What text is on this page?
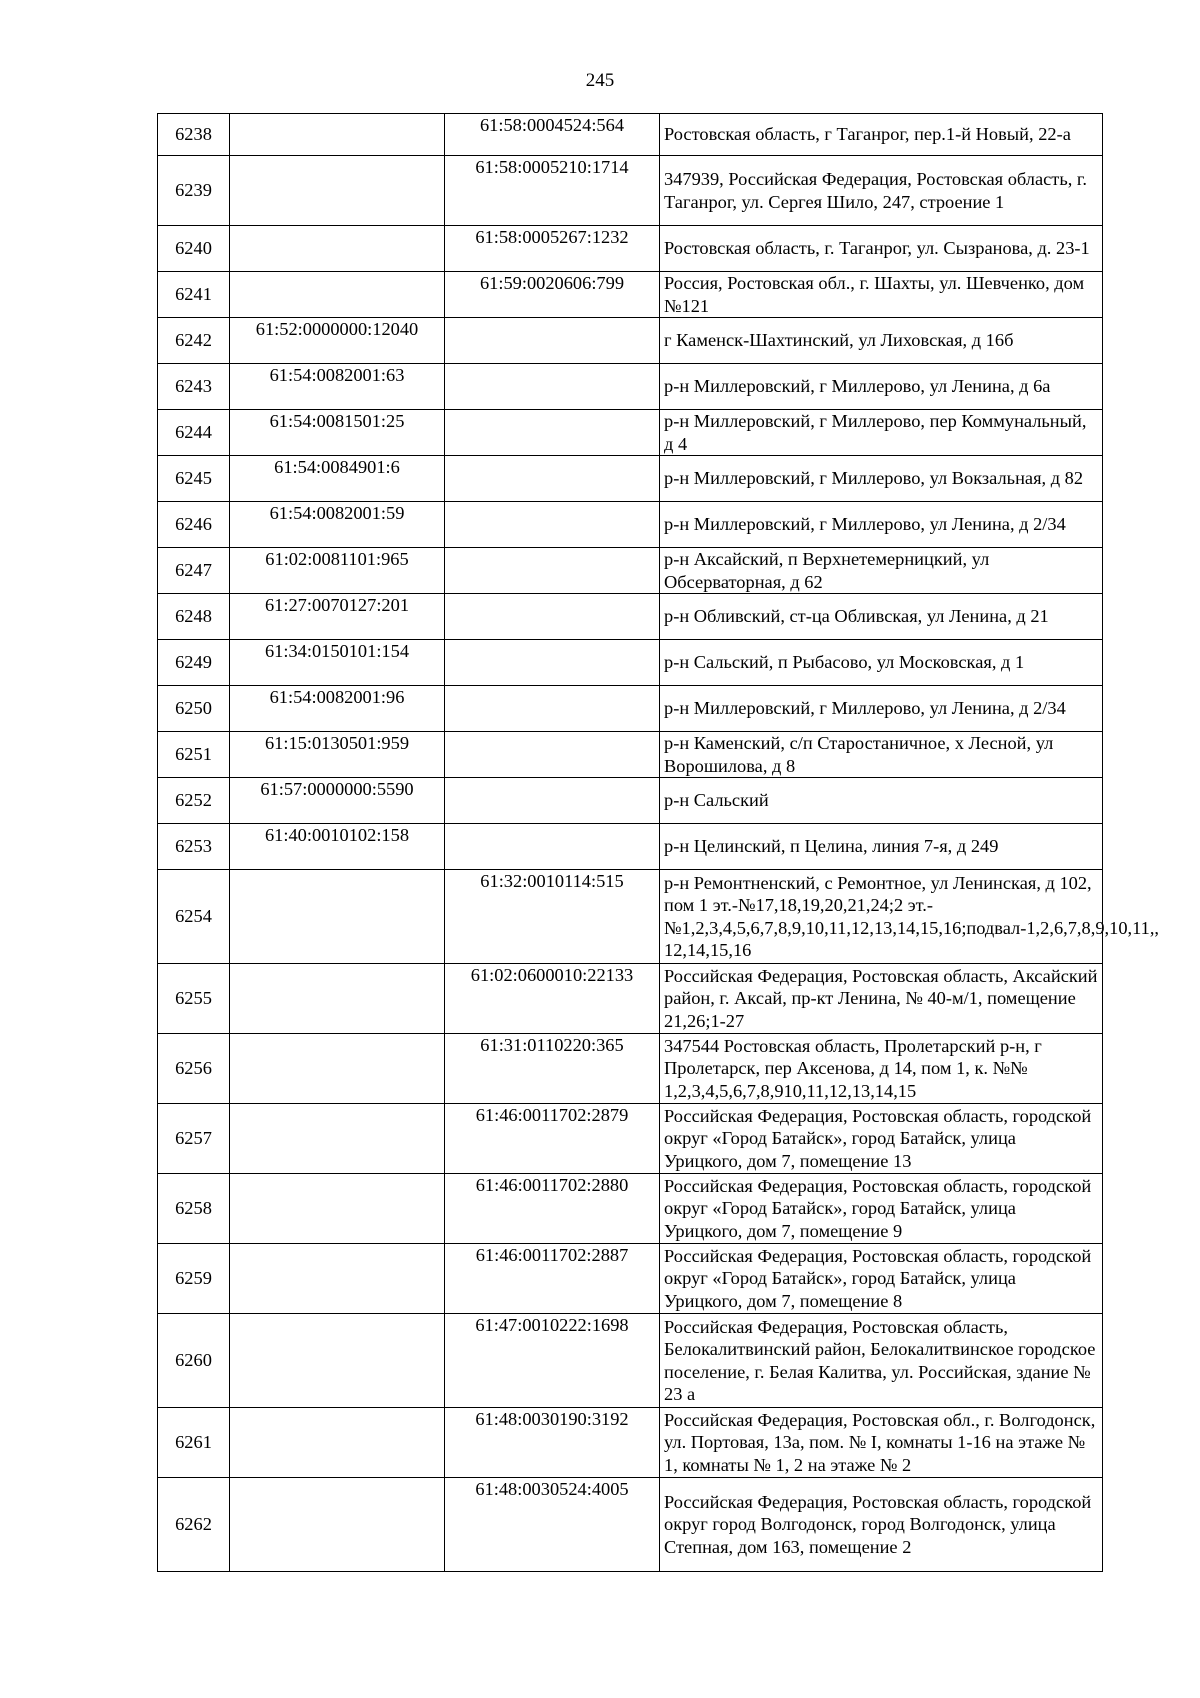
245
6238		61:58:0004524:564	Ростовская область, г Таганрог, пер.1-й Новый, 22-а
6239		61:58:0005210:1714	347939, Российская Федерация, Ростовская область, г. Таганрог, ул. Сергея Шило, 247, строение 1
6240		61:58:0005267:1232	Ростовская область, г. Таганрог, ул. Сызранова, д. 23-1
6241		61:59:0020606:799	Россия, Ростовская обл., г. Шахты, ул. Шевченко, дом №121
6242	61:52:0000000:12040		г Каменск-Шахтинский, ул Лиховская, д 16б
6243	61:54:0082001:63		р-н Миллеровский, г Миллерово, ул Ленина, д 6а
6244	61:54:0081501:25		р-н Миллеровский, г Миллерово, пер Коммунальный, д 4
6245	61:54:0084901:6		р-н Миллеровский, г Миллерово, ул Вокзальная, д 82
6246	61:54:0082001:59		р-н Миллеровский, г Миллерово, ул Ленина, д 2/34
6247	61:02:0081101:965		р-н Аксайский, п Верхнетемерницкий, ул Обсерваторная, д 62
6248	61:27:0070127:201		р-н Обливский, ст-ца Обливская, ул Ленина, д 21
6249	61:34:0150101:154		р-н Сальский, п Рыбасово, ул Московская, д 1
6250	61:54:0082001:96		р-н Миллеровский, г Миллерово, ул Ленина, д 2/34
6251	61:15:0130501:959		р-н Каменский, с/п Старостаничное, х Лесной, ул Ворошилова, д 8
6252	61:57:0000000:5590		р-н Сальский
6253	61:40:0010102:158		р-н Целинский, п Целина, линия 7-я, д 249
6254		61:32:0010114:515	р-н Ремонтненский, с Ремонтное, ул Ленинская, д 102, пом 1 эт.-№17,18,19,20,21,24;2 эт.-№1,2,3,4,5,6,7,8,9,10,11,12,13,14,15,16;подвал-1,2,6,7,8,9,10,11,, 12,14,15,16
6255		61:02:0600010:22133	Российская Федерация, Ростовская область, Аксайский район, г. Аксай, пр-кт Ленина, № 40-м/1, помещение 21,26;1-27
6256		61:31:0110220:365	347544 Ростовская область, Пролетарский р-н, г Пролетарск, пер Аксенова, д 14, пом 1, к. №№ 1,2,3,4,5,6,7,8,910,11,12,13,14,15
6257		61:46:0011702:2879	Российская Федерация, Ростовская область, городской округ «Город Батайск», город Батайск, улица Урицкого, дом 7, помещение 13
6258		61:46:0011702:2880	Российская Федерация, Ростовская область, городской округ «Город Батайск», город Батайск, улица Урицкого, дом 7, помещение 9
6259		61:46:0011702:2887	Российская Федерация, Ростовская область, городской округ «Город Батайск», город Батайск, улица Урицкого, дом 7, помещение 8
6260		61:47:0010222:1698	Российская Федерация, Ростовская область, Белокалитвинский район, Белокалитвинское городское поселение, г. Белая Калитва, ул. Российская, здание № 23 а
6261		61:48:0030190:3192	Российская Федерация, Ростовская обл., г. Волгодонск, ул. Портовая, 13а, пом. № I, комнаты 1-16 на этаже № 1, комнаты № 1, 2 на этаже № 2
6262		61:48:0030524:4005	Российская Федерация, Ростовская область, городской округ город Волгодонск, город Волгодонск, улица Степная, дом 163, помещение 2
